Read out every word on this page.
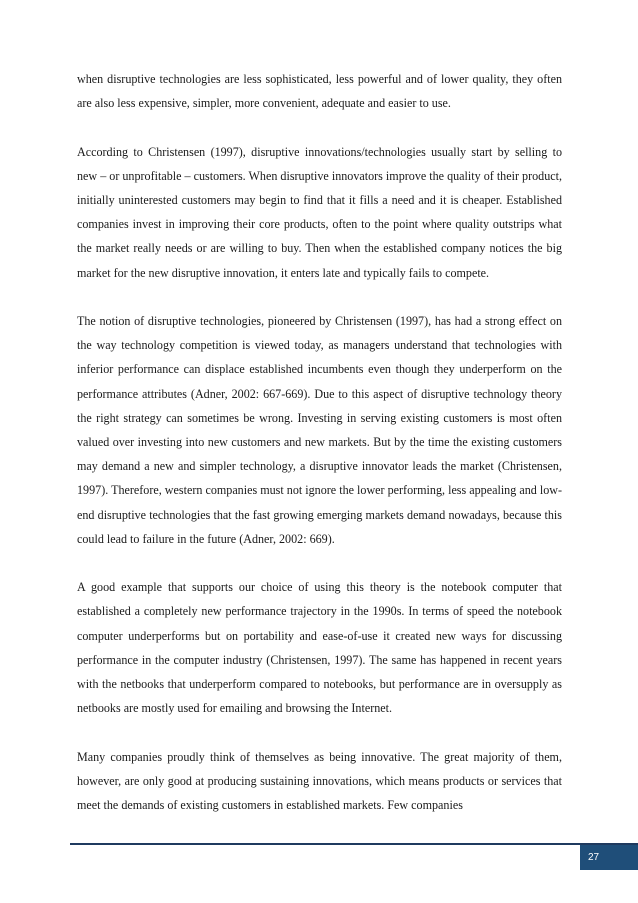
when disruptive technologies are less sophisticated, less powerful and of lower quality, they often are also less expensive, simpler, more convenient, adequate and easier to use.

According to Christensen (1997), disruptive innovations/technologies usually start by selling to new – or unprofitable – customers. When disruptive innovators improve the quality of their product, initially uninterested customers may begin to find that it fills a need and it is cheaper. Established companies invest in improving their core products, often to the point where quality outstrips what the market really needs or are willing to buy. Then when the established company notices the big market for the new disruptive innovation, it enters late and typically fails to compete.

The notion of disruptive technologies, pioneered by Christensen (1997), has had a strong effect on the way technology competition is viewed today, as managers understand that technologies with inferior performance can displace established incumbents even though they underperform on the performance attributes (Adner, 2002: 667-669). Due to this aspect of disruptive technology theory the right strategy can sometimes be wrong. Investing in serving existing customers is most often valued over investing into new customers and new markets. But by the time the existing customers may demand a new and simpler technology, a disruptive innovator leads the market (Christensen, 1997). Therefore, western companies must not ignore the lower performing, less appealing and low-end disruptive technologies that the fast growing emerging markets demand nowadays, because this could lead to failure in the future (Adner, 2002: 669).

A good example that supports our choice of using this theory is the notebook computer that established a completely new performance trajectory in the 1990s. In terms of speed the notebook computer underperforms but on portability and ease-of-use it created new ways for discussing performance in the computer industry (Christensen, 1997). The same has happened in recent years with the netbooks that underperform compared to notebooks, but performance are in oversupply as netbooks are mostly used for emailing and browsing the Internet.

Many companies proudly think of themselves as being innovative. The great majority of them, however, are only good at producing sustaining innovations, which means products or services that meet the demands of existing customers in established markets. Few companies

27
